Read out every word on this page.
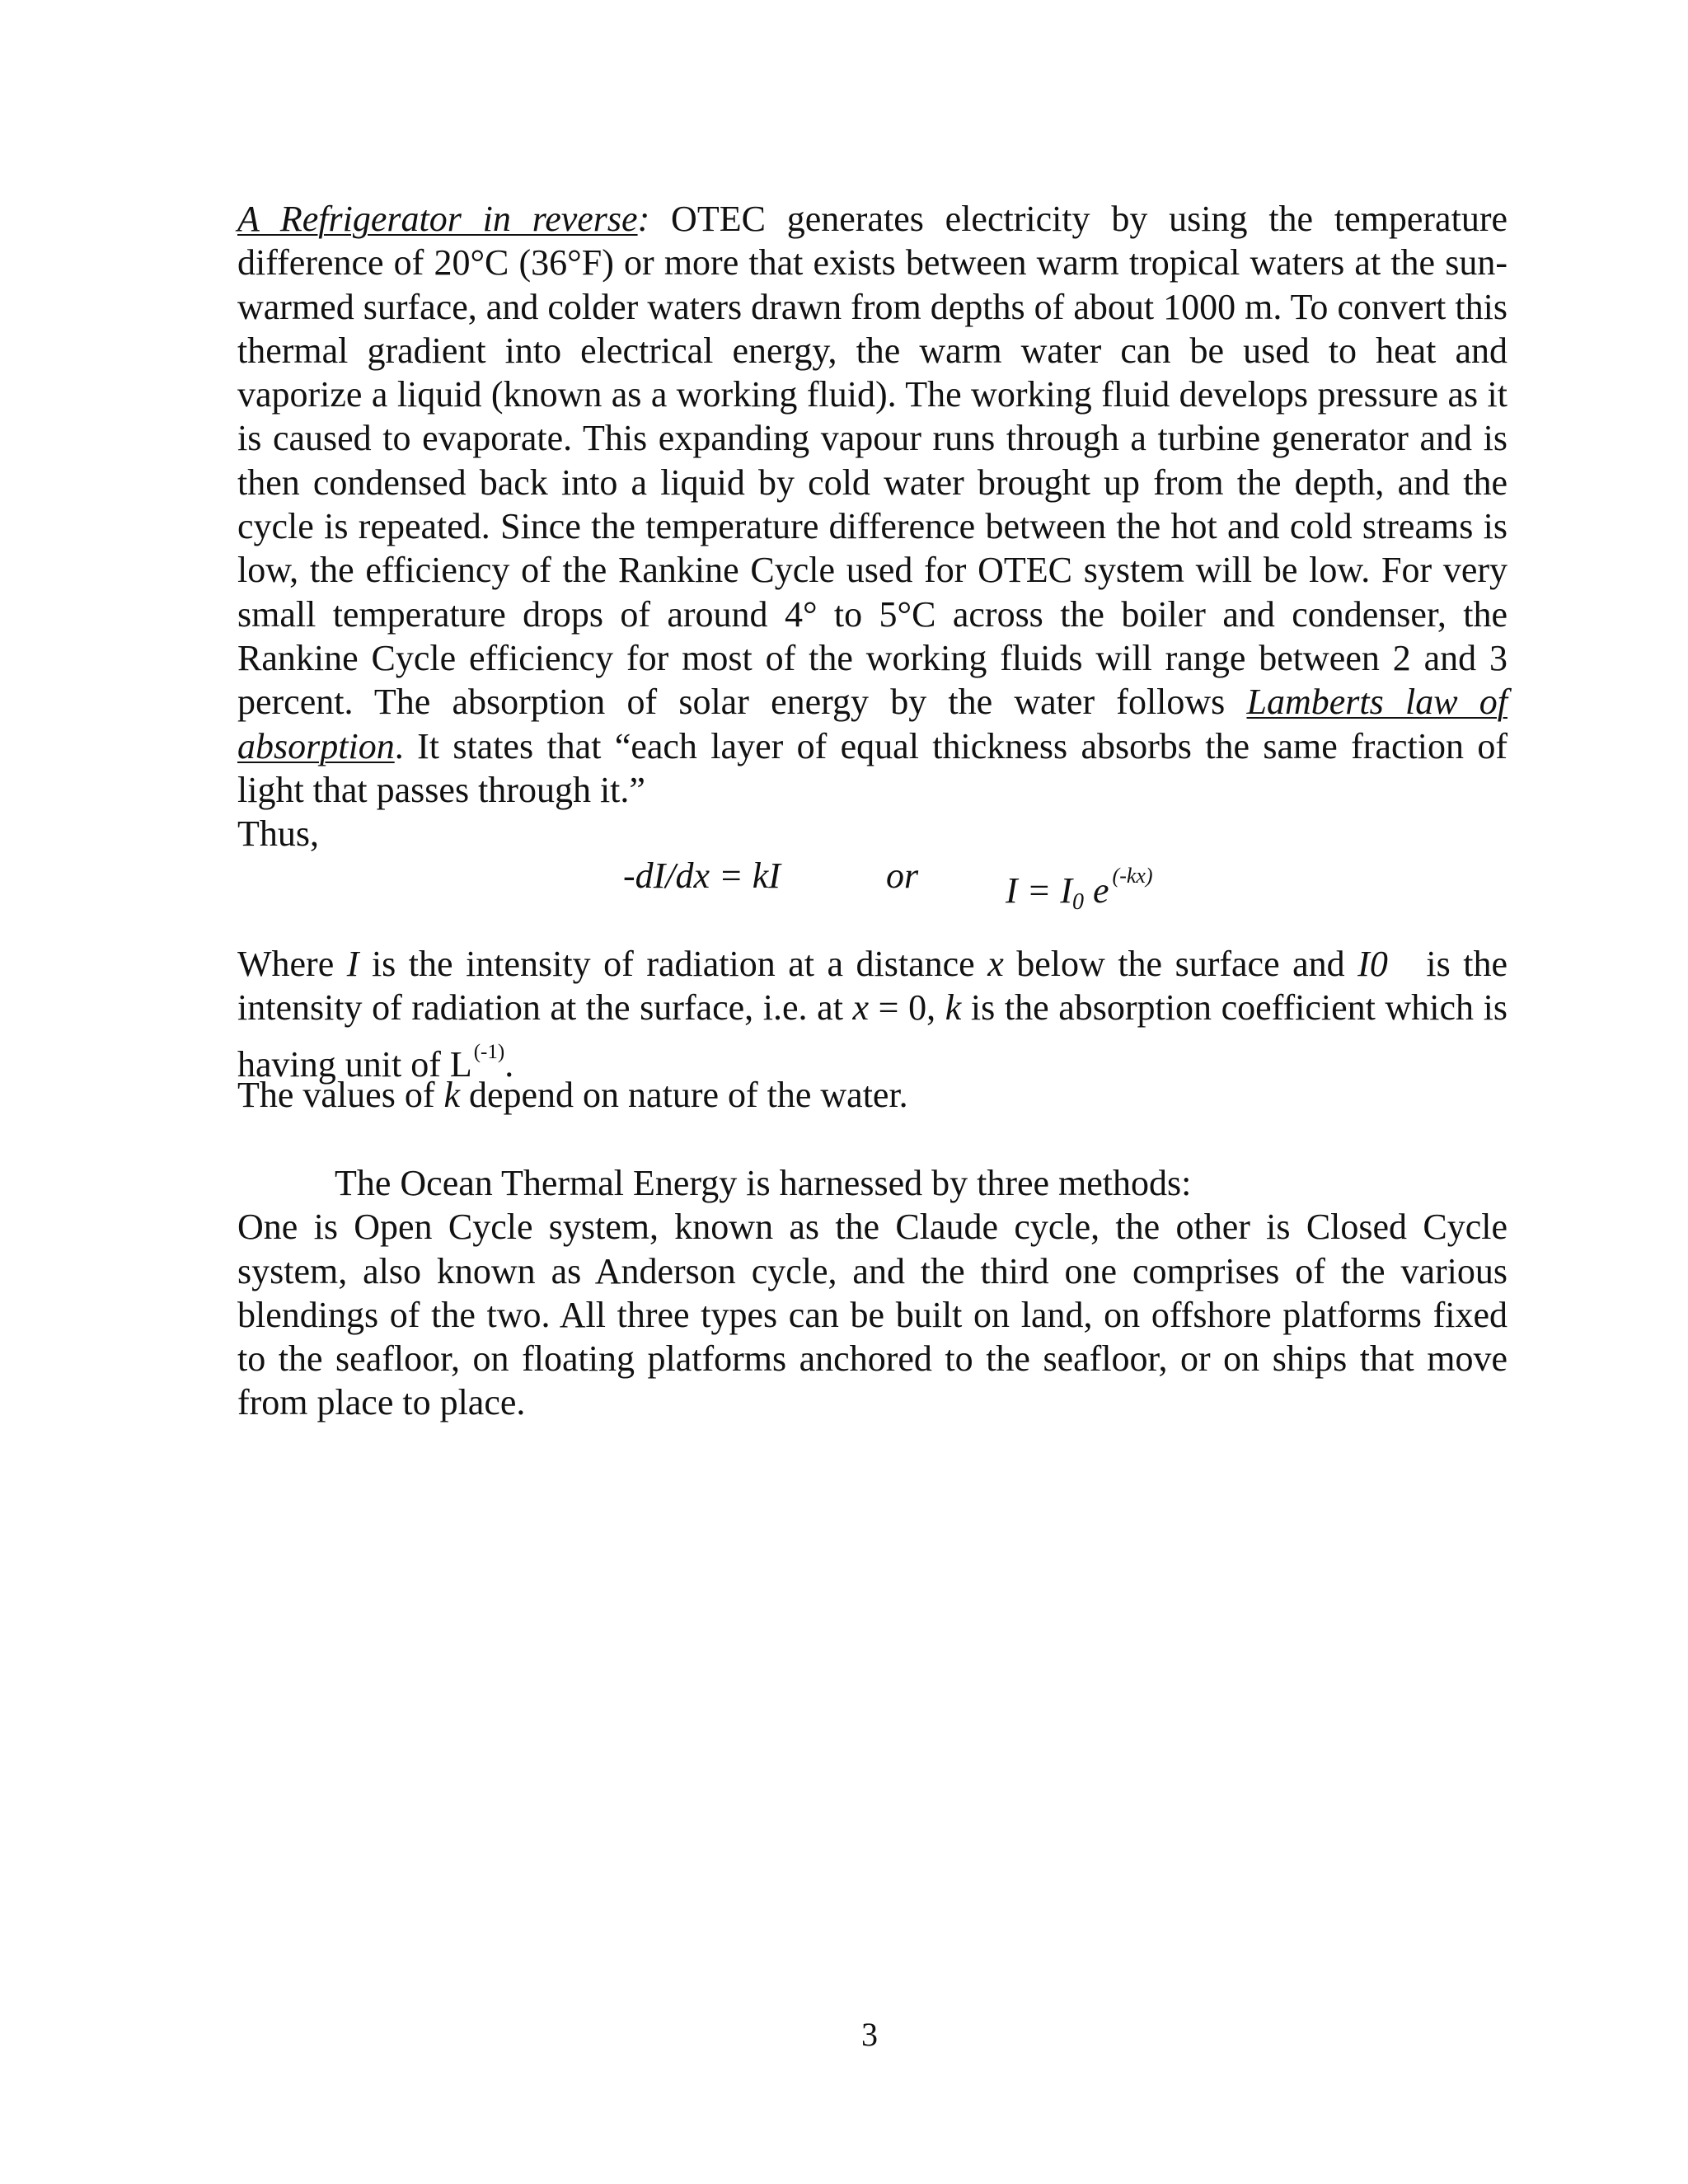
A Refrigerator in reverse: OTEC generates electricity by using the temperature difference of 20°C (36°F) or more that exists between warm tropical waters at the sun-warmed surface, and colder waters drawn from depths of about 1000 m. To convert this thermal gradient into electrical energy, the warm water can be used to heat and vaporize a liquid (known as a working fluid). The working fluid develops pressure as it is caused to evaporate. This expanding vapour runs through a turbine generator and is then condensed back into a liquid by cold water brought up from the depth, and the cycle is repeated. Since the temperature difference between the hot and cold streams is low, the efficiency of the Rankine Cycle used for OTEC system will be low. For very small temperature drops of around 4° to 5°C across the boiler and condenser, the Rankine Cycle efficiency for most of the working fluids will range between 2 and 3 percent. The absorption of solar energy by the water follows Lamberts law of absorption. It states that “each layer of equal thickness absorbs the same fraction of light that passes through it.”
Thus,
-dI/dx = kI	or $I = I_0$ e $^{(-kx)}$
Where I is the intensity of radiation at a distance x below the surface and I0   is the intensity of radiation at the surface, i.e. at x = 0, k is the absorption coefficient which is having unit of $L^{(-1)}$.
The values of k depend on nature of the water.
The Ocean Thermal Energy is harnessed by three methods:
One is Open Cycle system, known as the Claude cycle, the other is Closed Cycle system, also known as Anderson cycle, and the third one comprises of the various blendings of the two. All three types can be built on land, on offshore platforms fixed to the seafloor, on floating platforms anchored to the seafloor, or on ships that move from place to place.
3
